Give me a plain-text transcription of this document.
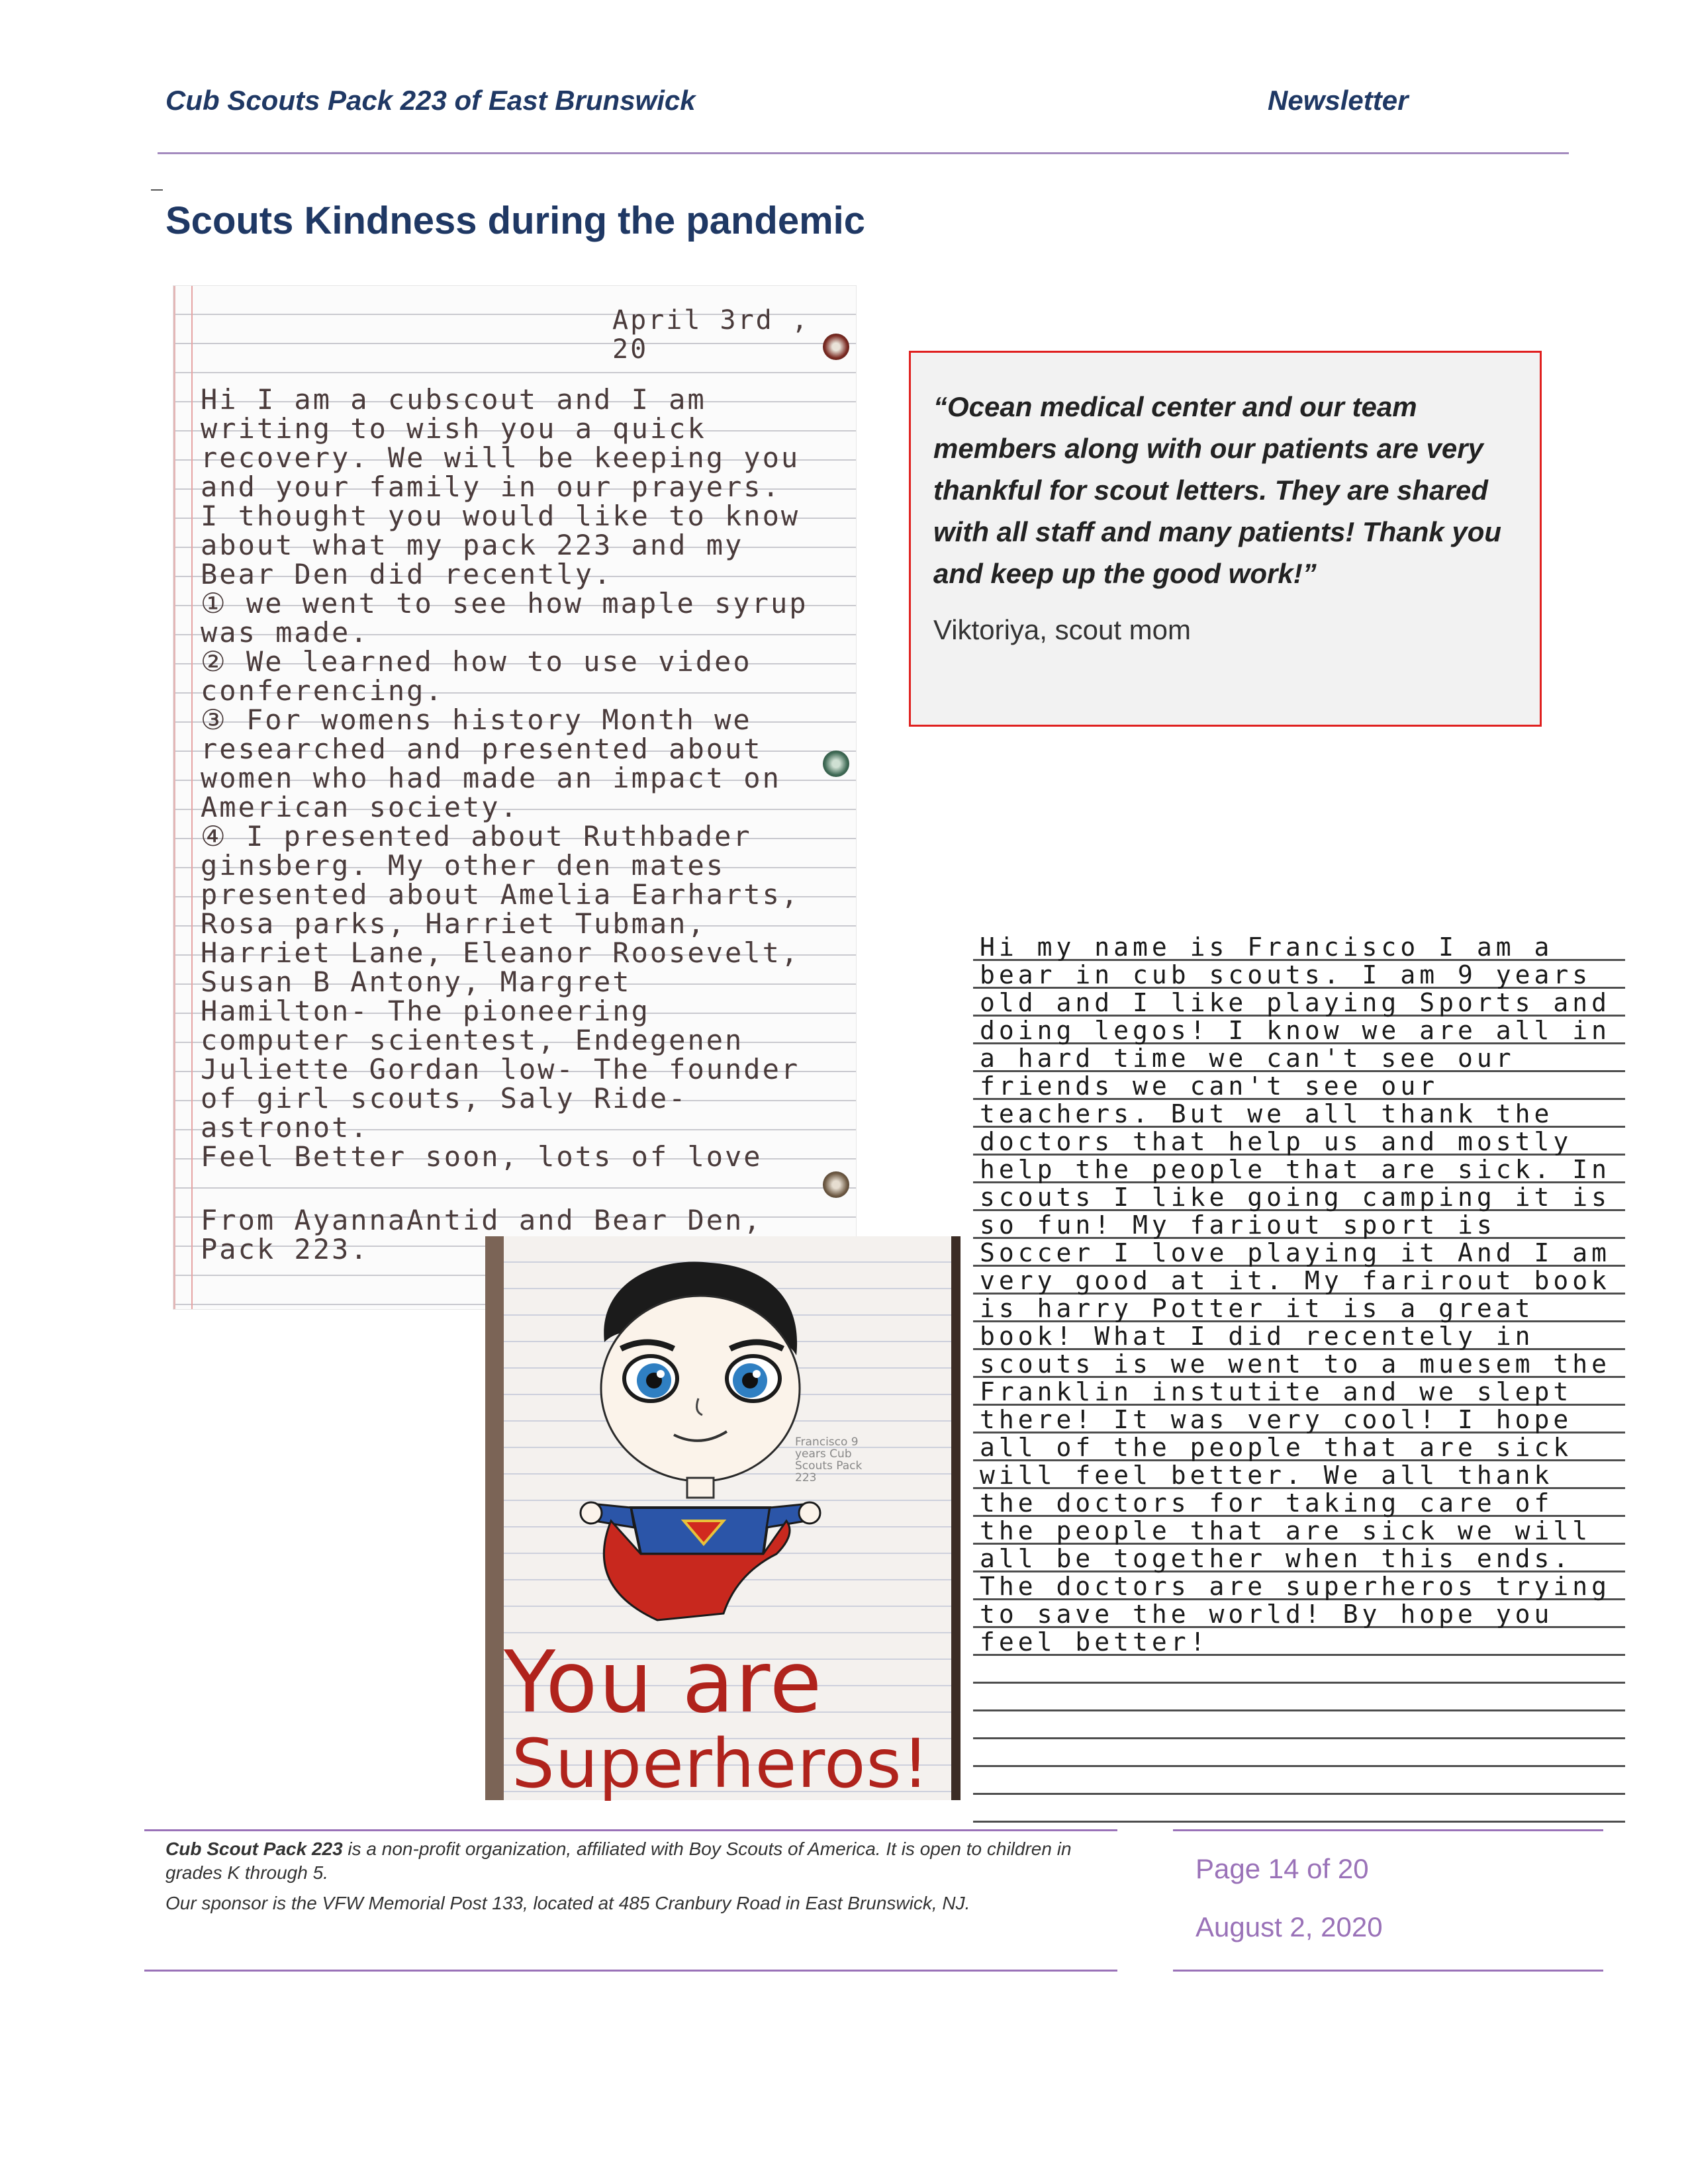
Cub Scouts Pack 223 of East Brunswick	Newsletter
Scouts Kindness during the pandemic
April 3rd , 20
Hi I am a cubscout and I am writing to wish you a quick recovery. We will be keeping you and your family in our prayers.
I thought you would like to know about what my pack 223 and my Bear Den did recently.
① we went to see how maple syrup was made.
② We learned how to use video conferencing.
③ For womens history Month we researched and presented about women who had made an impact on American society.
④ I presented about Ruthbader ginsberg. My other den mates presented about Amelia Earharts, Rosa parks, Harriet Tubman, Harriet Lane, Eleanor Roosevelt, Susan B Antony, Margret Hamilton- The pioneering computer scientest, Endegenen Juliette Gordan low- The founder of girl scouts, Saly Ride- astronot.
Feel Better soon, lots of love
From AyannaAntid and Bear Den, Pack 223.
“Ocean medical center and our team members along with our patients are very thankful for scout letters. They are shared with all staff and many patients! Thank you and keep up the good work!”
Viktoriya, scout mom
Hi my name is Francisco I am a bear in cub scouts. I am 9 years old and I like playing Sports and doing legos! I know we are all in a hard time we can't see our friends we can't see our teachers. But we all thank the doctors that help us and mostly help the people that are sick. In scouts I like going camping it is so fun! My fariout sport is Soccer I love playing it And I am very good at it. My farirout book is harry Potter it is a great book! What I did recentely in scouts is we went to a muesem the Franklin instutite and we slept there! It was very cool! I hope all of the people that are sick will feel better. We all thank the doctors for taking care of the people that are sick we will all be together when this ends. The doctors are superheros trying to save the world! By hope you feel better!
Francisco 9 years Cub Scouts Pack 223
You are
Superheros!

Cub Scout Pack 223 is a non-profit organization, affiliated with Boy Scouts of America. It is open to children in grades K through 5.

Our sponsor is the VFW Memorial Post 133, located at 485 Cranbury Road in East Brunswick, NJ.

Page 14 of 20
August 2, 2020
